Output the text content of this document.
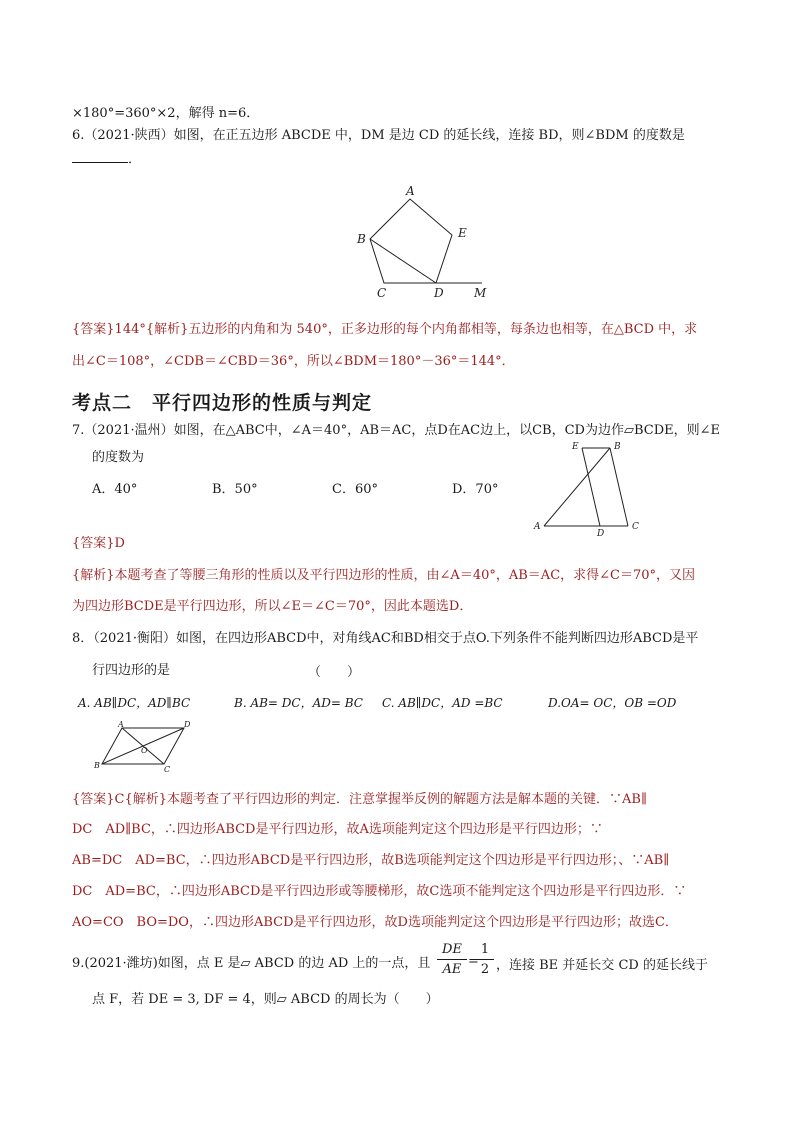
×180°=360°×2，解得 n=6．
6.（2021·陕西）如图，在正五边形 ABCDE 中，DM 是边 CD 的延长线，连接 BD，则∠BDM 的度数是
．
A
B
C	D
E
M
{答案}144°{解析}五边形的内角和为 540°，正多边形的每个内角都相等，每条边也相等，在△BCD 中，求
出∠C＝108°，∠CDB＝∠CBD＝36°，所以∠BDM＝180°－36°＝144°．
考点二　平行四边形的性质与判定
7.（2021·温州）如图，在△ABC中，∠A＝40°，AB＝AC，点D在AC边上，以CB，CD为边作▱BCDE，则∠E
的度数为
A．40°	B．50°	C．60°	D．70°
E	B
A
D
C
{答案}D
{解析}本题考查了等腰三角形的性质以及平行四边形的性质，由∠A＝40°，AB＝AC，求得∠C＝70°，又因
为四边形BCDE是平行四边形，所以∠E＝∠C＝70°，因此本题选D．
8．（2021·衡阳）如图，在四边形ABCD中，对角线AC和BD相交于点O.下列条件不能判断四边形ABCD是平
行四边形的是	（　　）
A. AB∥DC，AD∥BC	B. AB= DC，AD= BC C. AB∥DC，AD =BC	D.OA= OC，OB =OD
A	D
O
B	C
{答案}C{解析}本题考查了平行四边形的判定．注意掌握举反例的解题方法是解本题的关键．∵AB∥
DC　AD∥BC，∴四边形ABCD是平行四边形，故A选项能判定这个四边形是平行四边形；∵
AB=DC　AD=BC，∴四边形ABCD是平行四边形，故B选项能判定这个四边形是平行四边形；、∵AB∥
DC　AD=BC，∴四边形ABCD是平行四边形或等腰梯形，故C选项不能判定这个四边形是平行四边形．∵
AO=CO　BO=DO，∴四边形ABCD是平行四边形，故D选项能判定这个四边形是平行四边形；故选C．
9.(2021·潍坊)如图，点 E 是▱ ABCD 的边 AD 上的一点，且
DE
AE
=
1
2 ，连接 BE 并延长交 CD 的延长线于
点 F，若 DE = 3, DF = 4，则▱ ABCD 的周长为（　　）
